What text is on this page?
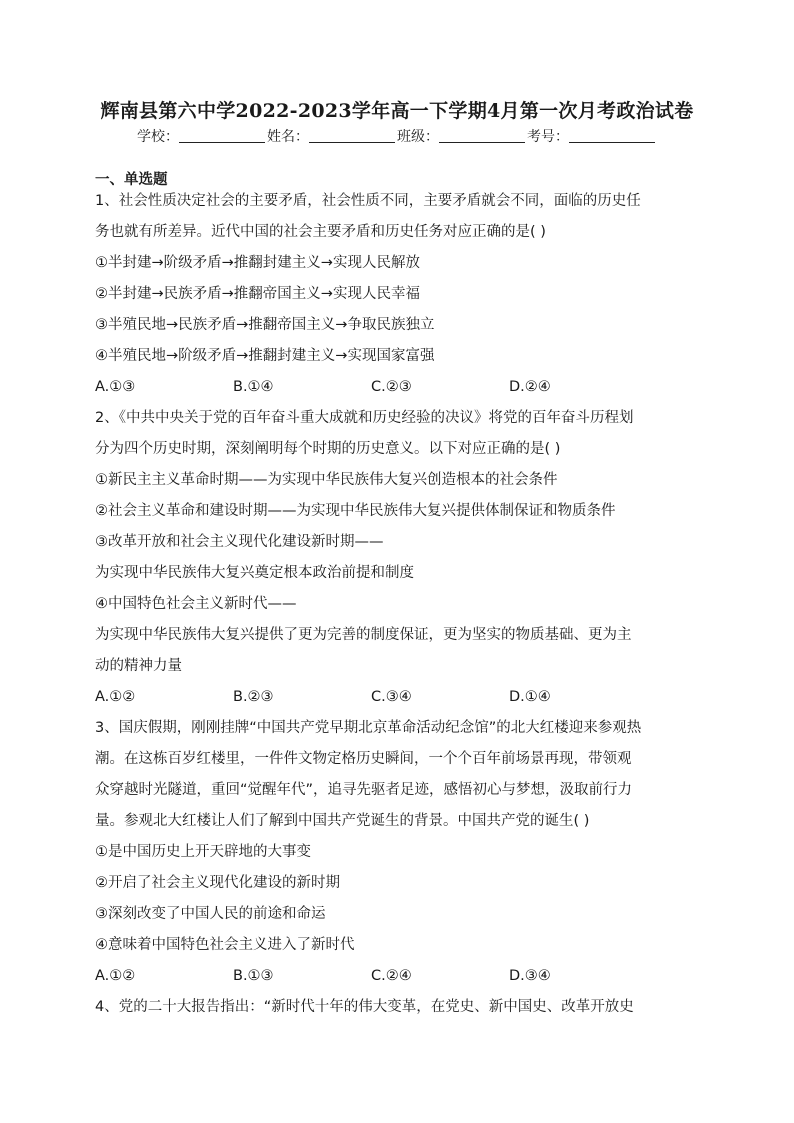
辉南县第六中学2022-2023学年高一下学期4月第一次月考政治试卷
学校：	姓名：	班级：	考号：
一、单选题

1、社会性质决定社会的主要矛盾，社会性质不同，主要矛盾就会不同，面临的历史任

务也就有所差异。近代中国的社会主要矛盾和历史任务对应正确的是( )

①半封建→阶级矛盾→推翻封建主义→实现人民解放

②半封建→民族矛盾→推翻帝国主义→实现人民幸福

③半殖民地→民族矛盾→推翻帝国主义→争取民族独立

④半殖民地→阶级矛盾→推翻封建主义→实现国家富强

A.①③	B.①④	C.②③	D.②④

2、《中共中央关于党的百年奋斗重大成就和历史经验的决议》将党的百年奋斗历程划

分为四个历史时期，深刻阐明每个时期的历史意义。以下对应正确的是( )

①新民主主义革命时期——为实现中华民族伟大复兴创造根本的社会条件

②社会主义革命和建设时期——为实现中华民族伟大复兴提供体制保证和物质条件

③改革开放和社会主义现代化建设新时期——

为实现中华民族伟大复兴奠定根本政治前提和制度

④中国特色社会主义新时代——

为实现中华民族伟大复兴提供了更为完善的制度保证，更为坚实的物质基础、更为主

动的精神力量

A.①②	B.②③	C.③④	D.①④

3、国庆假期，刚刚挂牌“中国共产党早期北京革命活动纪念馆”的北大红楼迎来参观热

潮。在这栋百岁红楼里，一件件文物定格历史瞬间，一个个百年前场景再现，带领观

众穿越时光隧道，重回“觉醒年代”，追寻先驱者足迹，感悟初心与梦想，汲取前行力

量。参观北大红楼让人们了解到中国共产党诞生的背景。中国共产党的诞生( )

①是中国历史上开天辟地的大事变

②开启了社会主义现代化建设的新时期

③深刻改变了中国人民的前途和命运

④意味着中国特色社会主义进入了新时代

A.①②	B.①③	C.②④	D.③④

4、党的二十大报告指出：“新时代十年的伟大变革，在党史、新中国史、改革开放史
